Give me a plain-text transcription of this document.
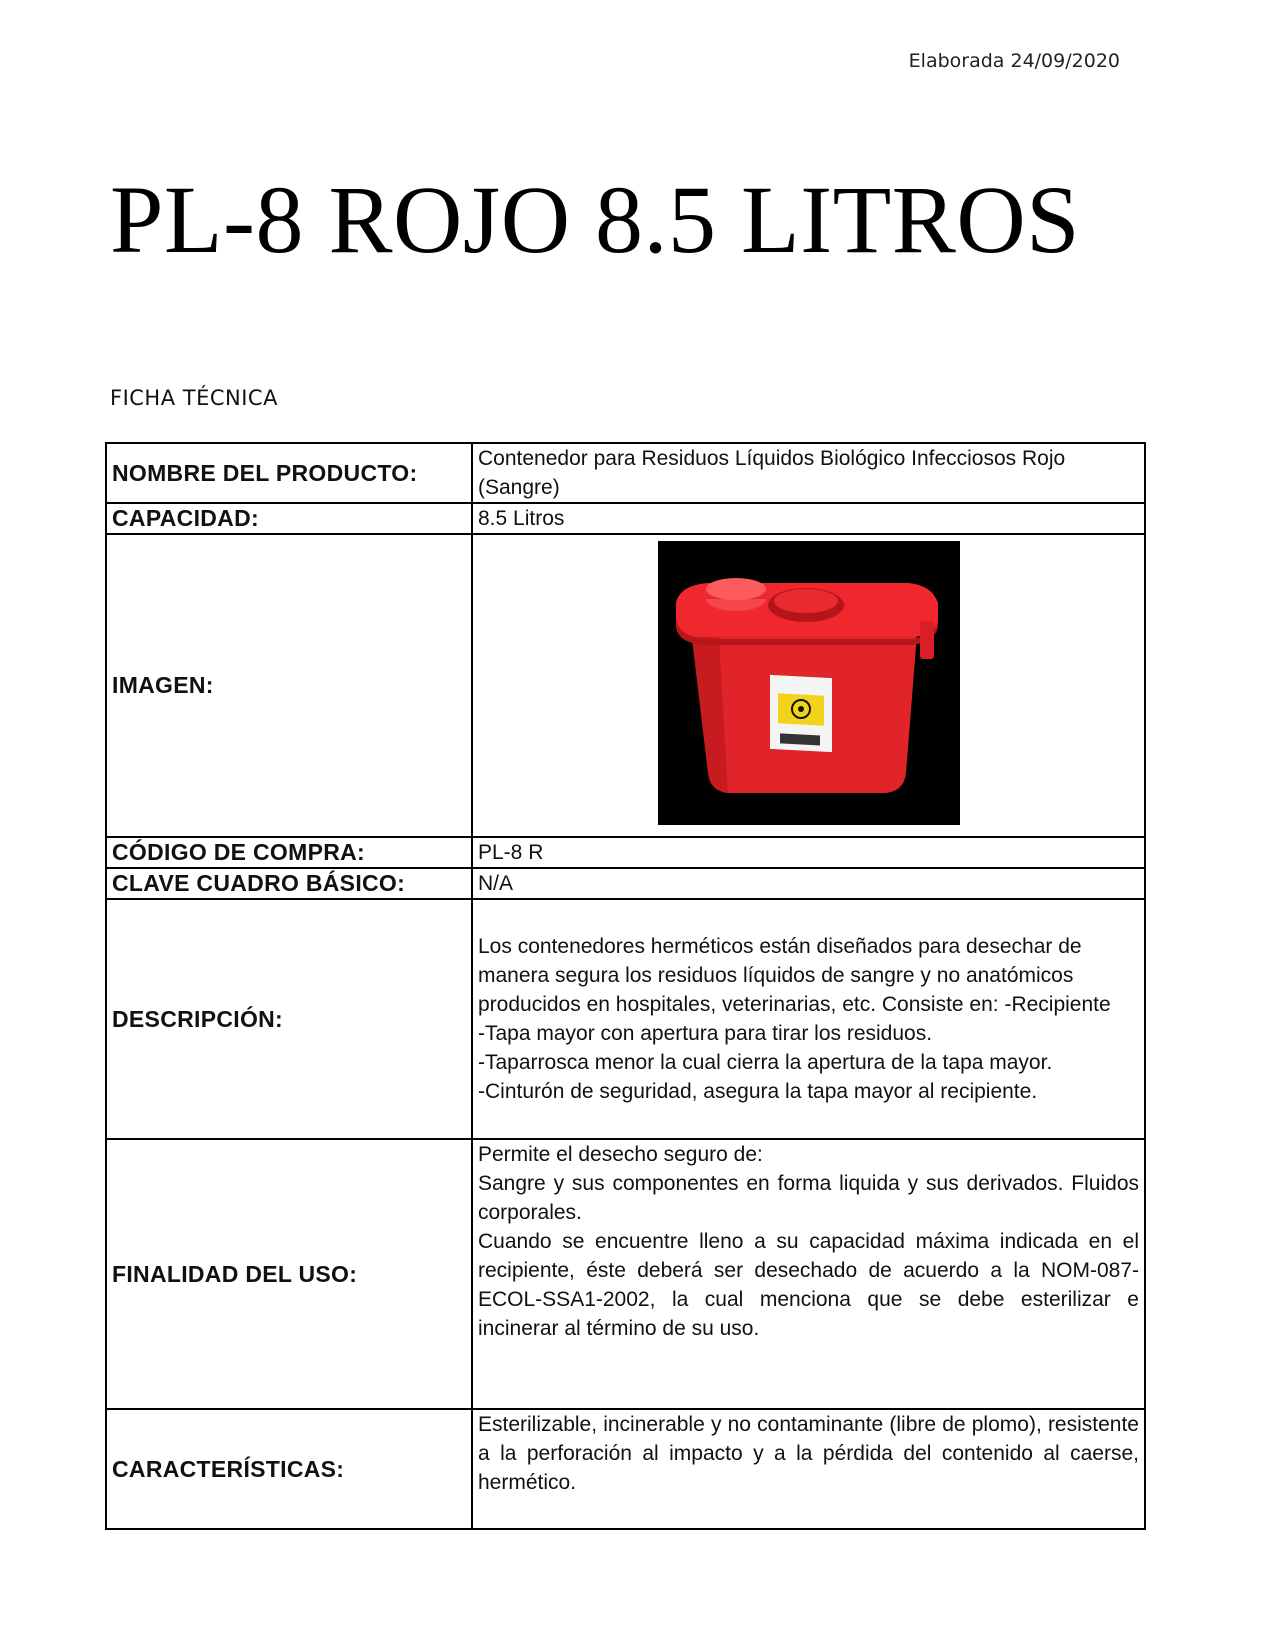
Elaborada 24/09/2020
PL-8 ROJO 8.5 LITROS
FICHA TÉCNICA
NOMBRE DEL PRODUCTO:	Contenedor para Residuos Líquidos Biológico Infecciosos Rojo (Sangre)
CAPACIDAD:	8.5 Litros
IMAGEN:	

CÓDIGO DE COMPRA:	PL-8 R
CLAVE CUADRO BÁSICO:	N/A
DESCRIPCIÓN:	Los contenedores herméticos están diseñados para desechar de manera segura los residuos líquidos de sangre y no anatómicos producidos en hospitales, veterinarias, etc. Consiste en: -Recipiente
-Tapa mayor con apertura para tirar los residuos.
-Taparrosca menor la cual cierra la apertura de la tapa mayor.
-Cinturón de seguridad, asegura la tapa mayor al recipiente.

FINALIDAD DEL USO:	Permite el desecho seguro de:
Sangre y sus componentes en forma liquida y sus derivados. Fluidos corporales.
Cuando se encuentre lleno a su capacidad máxima indicada en el recipiente, éste deberá ser desechado de acuerdo a la NOM-087-ECOL-SSA1-2002, la cual menciona que se debe esterilizar e incinerar al término de su uso.

CARACTERÍSTICAS:	Esterilizable, incinerable y no contaminante (libre de plomo), resistente a la perforación al impacto y a la pérdida del contenido al caerse, hermético.
